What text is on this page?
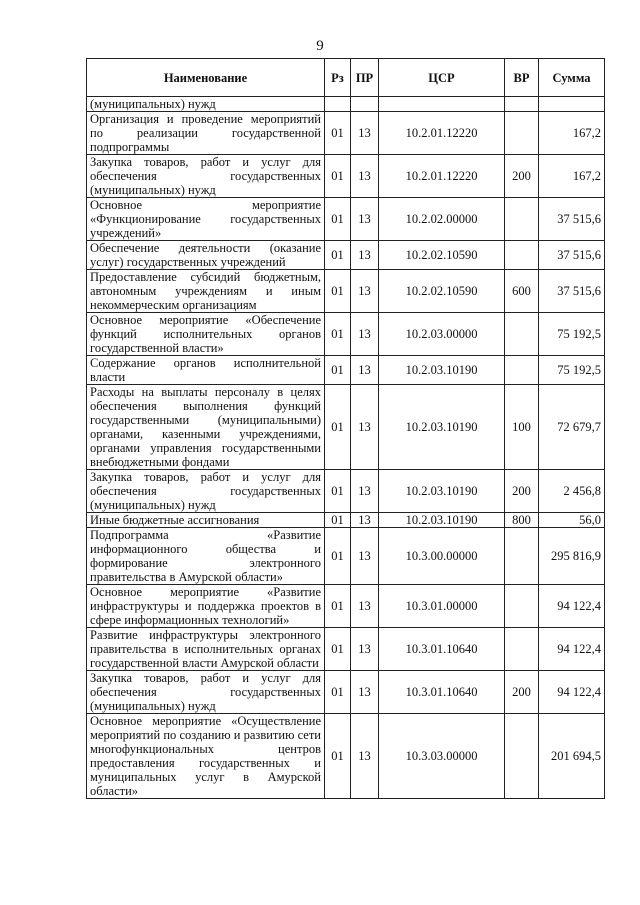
9
Наименование	Рз	ПР	ЦСР	ВР	Сумма
(муниципальных) нужд					
Организация и проведение мероприятий по реализации государственной подпрограммы	01	13	10.2.01.12220		167,2
Закупка товаров, работ и услуг для обеспечения государственных (муниципальных) нужд	01	13	10.2.01.12220	200	167,2
Основное мероприятие «Функционирование государственных учреждений»	01	13	10.2.02.00000		37 515,6
Обеспечение деятельности (оказание услуг) государственных учреждений	01	13	10.2.02.10590		37 515,6
Предоставление субсидий бюджетным, автономным учреждениям и иным некоммерческим организациям	01	13	10.2.02.10590	600	37 515,6
Основное мероприятие «Обеспечение функций исполнительных органов государственной власти»	01	13	10.2.03.00000		75 192,5
Содержание органов исполнительной власти	01	13	10.2.03.10190		75 192,5
Расходы на выплаты персоналу в целях обеспечения выполнения функций государственными (муниципальными) органами, казенными учреждениями, органами управления государственными внебюджетными фондами	01	13	10.2.03.10190	100	72 679,7
Закупка товаров, работ и услуг для обеспечения государственных (муниципальных) нужд	01	13	10.2.03.10190	200	2 456,8
Иные бюджетные ассигнования	01	13	10.2.03.10190	800	56,0
Подпрограмма «Развитие информационного общества и формирование электронного правительства в Амурской области»	01	13	10.3.00.00000		295 816,9
Основное мероприятие «Развитие инфраструктуры и поддержка проектов в сфере информационных технологий»	01	13	10.3.01.00000		94 122,4
Развитие инфраструктуры электронного правительства в исполнительных органах государственной власти Амурской области	01	13	10.3.01.10640		94 122,4
Закупка товаров, работ и услуг для обеспечения государственных (муниципальных) нужд	01	13	10.3.01.10640	200	94 122,4
Основное мероприятие «Осуществление мероприятий по созданию и развитию сети многофункциональных центров предоставления государственных и муниципальных услуг в Амурской области»	01	13	10.3.03.00000		201 694,5
